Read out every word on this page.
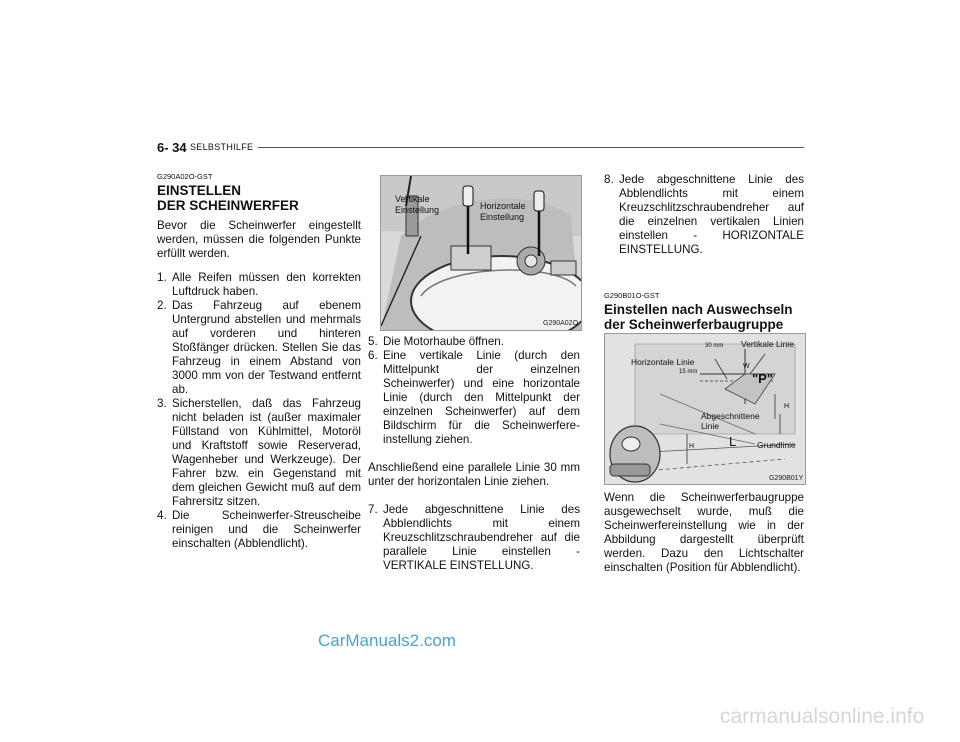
6- 34 SELBSTHILFE
G290A02O-GST
EINSTELLEN
DER SCHEINWERFER
Bevor die Scheinwerfer eingestellt werden, müssen die folgenden Punkte erfüllt werden.
1. Alle Reifen müssen den korrekten Luftdruck haben.
2. Das Fahrzeug auf ebenem Untergrund abstellen und mehrmals auf vorderen und hinteren Stoßfänger drücken. Stellen Sie das Fahrzeug in einem Abstand von 3000 mm von der Testwand entfernt ab.
3. Sicherstellen, daß das Fahrzeug nicht beladen ist (außer maximaler Füllstand von Kühlmittel, Motoröl und Kraftstoff sowie Reserverad, Wagenheber und Werkzeuge). Der Fahrer bzw. ein Gegenstand mit dem gleichen Gewicht muß auf dem Fahrersitz sitzen.
4. Die Scheinwerfer-Streuscheibe reinigen und die Scheinwerfer einschalten (Abblendlicht).
Vertikale
Einstellung	Horizontale
Einstellung
G290A02O
5. Die Motorhaube öffnen.
6. Eine vertikale Linie (durch den Mittelpunkt der einzelnen Scheinwerfer) und eine horizontale Linie (durch den Mittelpunkt der einzelnen Scheinwerfer) auf dem Bildschirm für die Scheinwerfere-instellung ziehen.
Anschließend eine parallele Linie 30 mm unter der horizontalen Linie ziehen.
7. Jede abgeschnittene Linie des Abblendlichts mit einem Kreuzschlitzschraubendreher auf die parallele Linie einstellen - VERTIKALE EINSTELLUNG.
8. Jede abgeschnittene Linie des Abblendlichts mit einem Kreuzschlitzschraubendreher auf die einzelnen vertikalen Linien einstellen - HORIZONTALE EINSTELLUNG.
G290B01O-GST
Einstellen nach Auswechseln
der Scheinwerferbaugruppe
30 mm Vertikale Linie
Horizontale Linie
15 mm
W
"P"
H
Abgeschnittene
Linie
H	L Grundlinie
G290B01Y
Wenn die Scheinwerferbaugruppe ausgewechselt wurde, muß die Scheinwerfereinstellung wie in der Abbildung dargestellt überprüft werden. Dazu den Lichtschalter einschalten (Position für Abblendlicht).
CarManuals2.com
carmanualsonline.info
